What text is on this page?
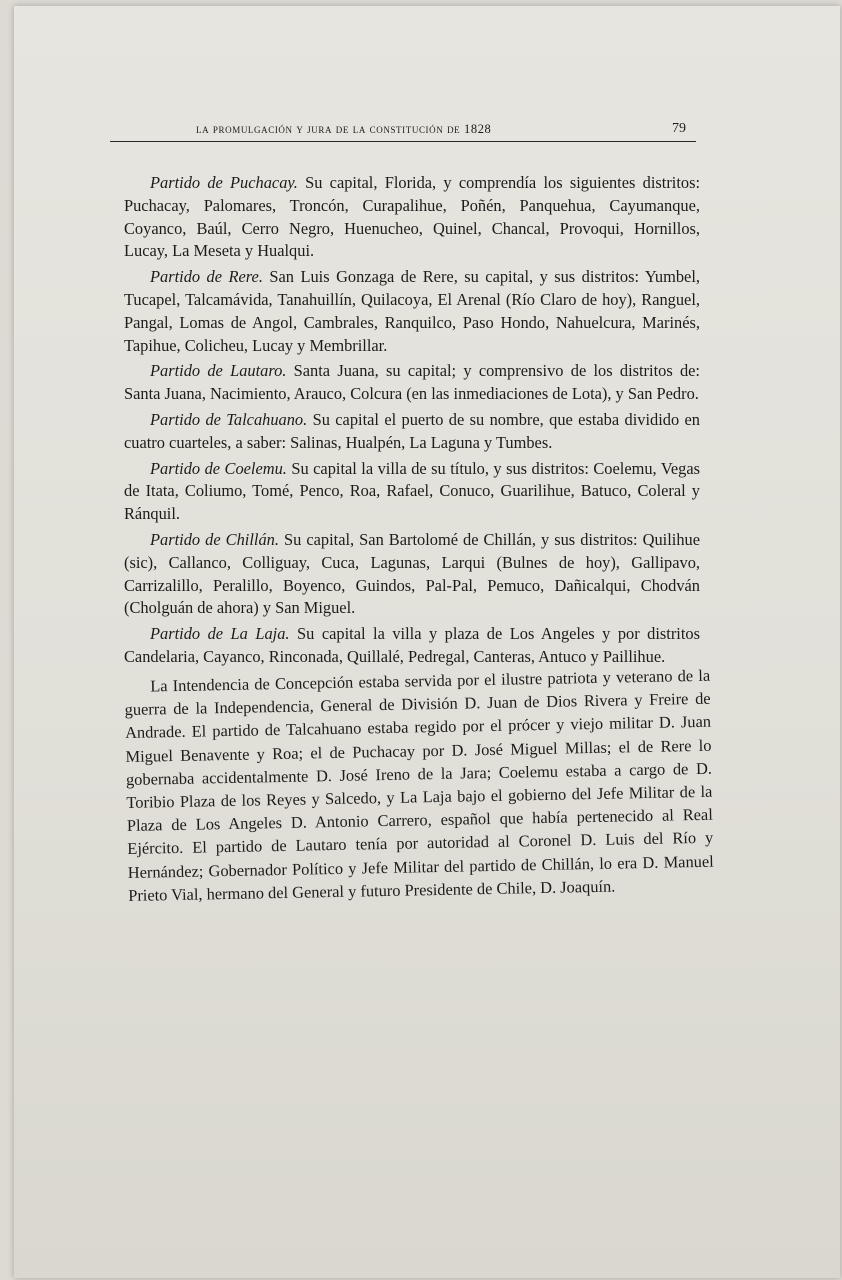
la promulgación y jura de la constitución de 1828	79

Partido de Puchacay. Su capital, Florida, y comprendía los siguientes distritos: Puchacay, Palomares, Troncón, Curapalihue, Poñén, Panquehua, Cayumanque, Coyanco, Baúl, Cerro Negro, Huenucheo, Quinel, Chancal, Provoqui, Hornillos, Lucay, La Meseta y Hualqui.

Partido de Rere. San Luis Gonzaga de Rere, su capital, y sus distritos: Yumbel, Tucapel, Talcamávida, Tanahuillín, Quilacoya, El Arenal (Río Claro de hoy), Ranguel, Pangal, Lomas de Angol, Cambrales, Ranquilco, Paso Hondo, Nahuelcura, Marinés, Tapihue, Colicheu, Lucay y Membrillar.

Partido de Lautaro. Santa Juana, su capital; y comprensivo de los distritos de: Santa Juana, Nacimiento, Arauco, Colcura (en las inmediaciones de Lota), y San Pedro.

Partido de Talcahuano. Su capital el puerto de su nombre, que estaba dividido en cuatro cuarteles, a saber: Salinas, Hualpén, La Laguna y Tumbes.

Partido de Coelemu. Su capital la villa de su título, y sus distritos: Coelemu, Vegas de Itata, Coliumo, Tomé, Penco, Roa, Rafael, Conuco, Guarilihue, Batuco, Coleral y Ránquil.

Partido de Chillán. Su capital, San Bartolomé de Chillán, y sus distritos: Quilihue (sic), Callanco, Colliguay, Cuca, Lagunas, Larqui (Bulnes de hoy), Gallipavo, Carrizalillo, Peralillo, Boyenco, Guindos, Pal-Pal, Pemuco, Dañicalqui, Chodván (Cholguán de ahora) y San Miguel.

Partido de La Laja. Su capital la villa y plaza de Los Angeles y por distritos Candelaria, Cayanco, Rinconada, Quillalé, Pedregal, Canteras, Antuco y Paillihue.

La Intendencia de Concepción estaba servida por el ilustre patriota y veterano de la guerra de la Independencia, General de División D. Juan de Dios Rivera y Freire de Andrade. El partido de Talcahuano estaba regido por el prócer y viejo militar D. Juan Miguel Benavente y Roa; el de Puchacay por D. José Miguel Millas; el de Rere lo gobernaba accidentalmente D. José Ireno de la Jara; Coelemu estaba a cargo de D. Toribio Plaza de los Reyes y Salcedo, y La Laja bajo el gobierno del Jefe Militar de la Plaza de Los Angeles D. Antonio Carrero, español que había pertenecido al Real Ejército. El partido de Lautaro tenía por autoridad al Coronel D. Luis del Río y Hernández; Gobernador Político y Jefe Militar del partido de Chillán, lo era D. Manuel Prieto Vial, hermano del General y futuro Presidente de Chile, D. Joaquín.
